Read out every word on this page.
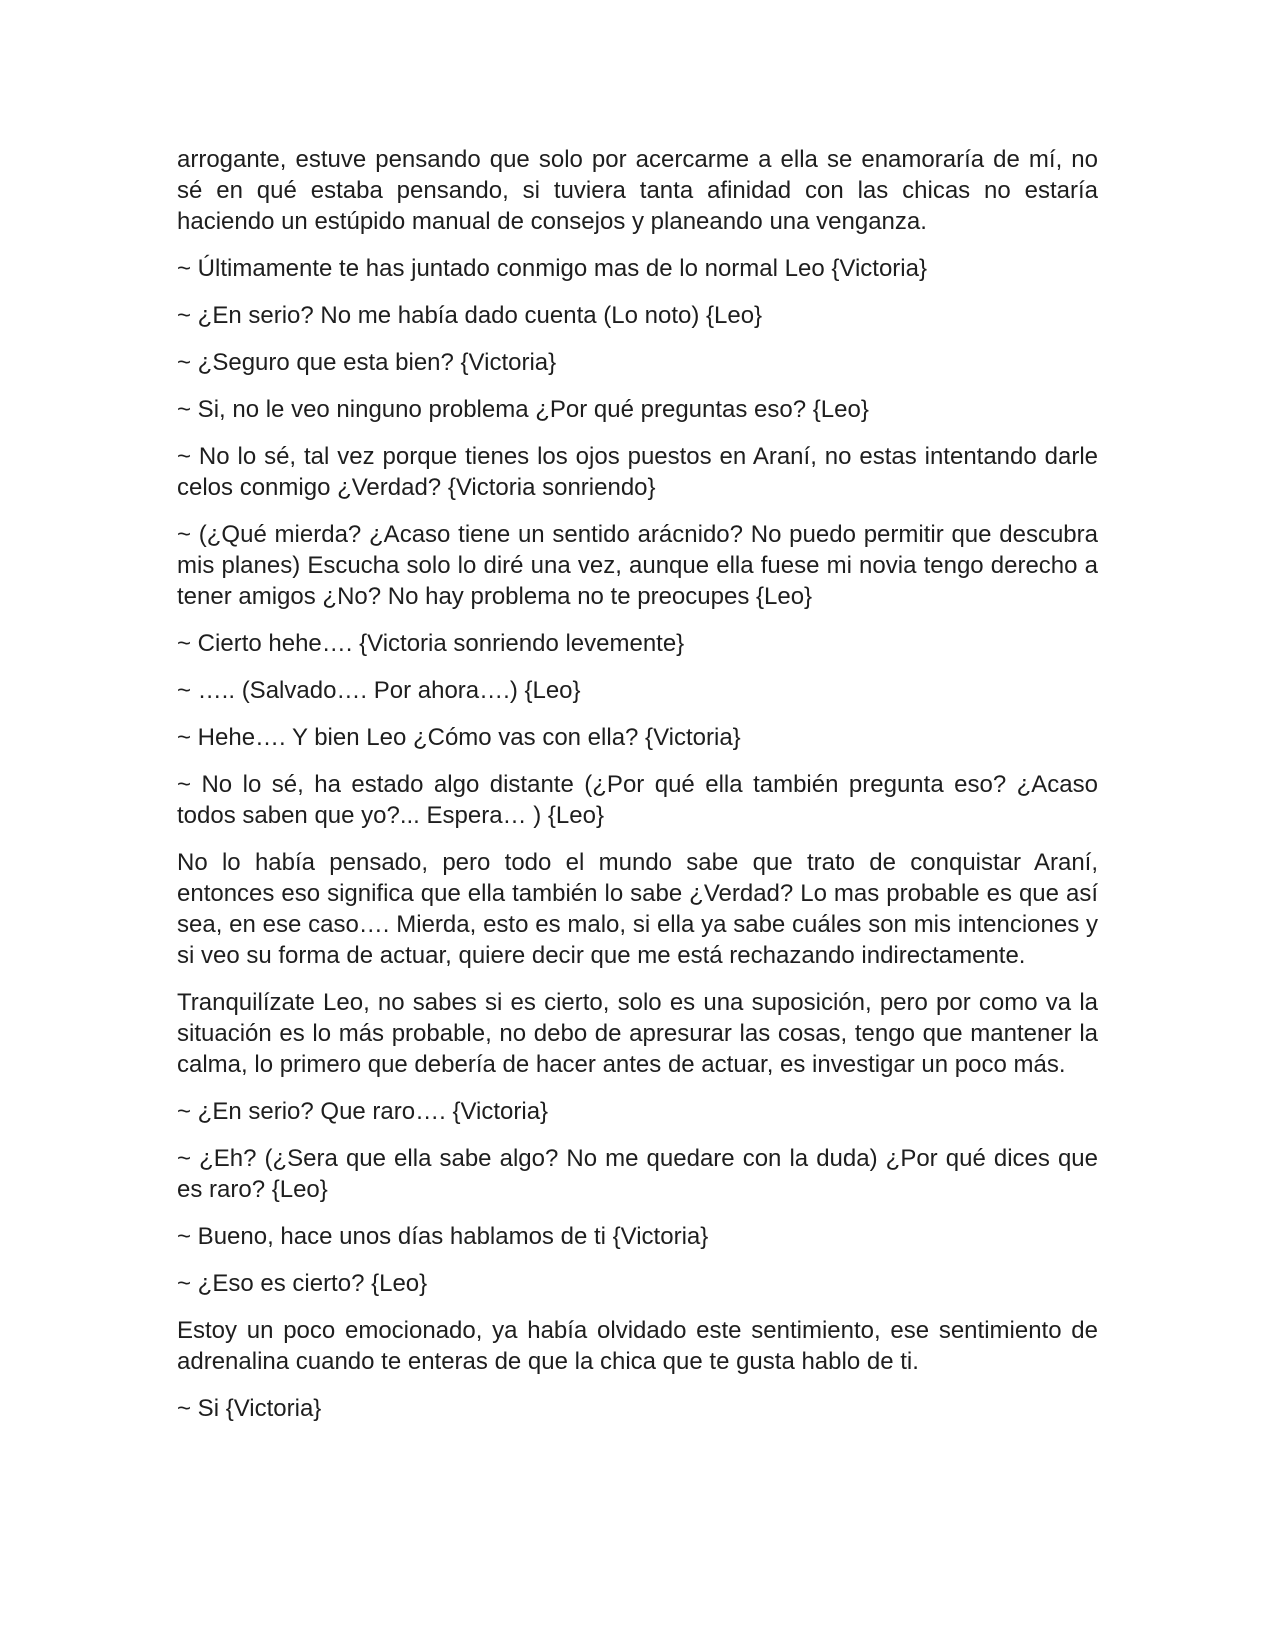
arrogante, estuve pensando que solo por acercarme a ella se enamoraría de mí, no sé en qué estaba pensando, si tuviera tanta afinidad con las chicas no estaría haciendo un estúpido manual de consejos y planeando una venganza.

~ Últimamente te has juntado conmigo mas de lo normal Leo {Victoria}

~ ¿En serio? No me había dado cuenta (Lo noto) {Leo}

~ ¿Seguro que esta bien? {Victoria}

~ Si, no le veo ninguno problema ¿Por qué preguntas eso? {Leo}

~ No lo sé, tal vez porque tienes los ojos puestos en Araní, no estas intentando darle celos conmigo ¿Verdad? {Victoria sonriendo}

~ (¿Qué mierda? ¿Acaso tiene un sentido arácnido? No puedo permitir que descubra mis planes) Escucha solo lo diré una vez, aunque ella fuese mi novia tengo derecho a tener amigos ¿No? No hay problema no te preocupes {Leo}

~ Cierto hehe…. {Victoria sonriendo levemente}

~ ….. (Salvado…. Por ahora….) {Leo}

~ Hehe…. Y bien Leo ¿Cómo vas con ella? {Victoria}

~ No lo sé, ha estado algo distante (¿Por qué ella también pregunta eso? ¿Acaso todos saben que yo?... Espera… ) {Leo}

No lo había pensado, pero todo el mundo sabe que trato de conquistar Araní, entonces eso significa que ella también lo sabe ¿Verdad? Lo mas probable es que así sea, en ese caso…. Mierda, esto es malo, si ella ya sabe cuáles son mis intenciones y si veo su forma de actuar, quiere decir que me está rechazando indirectamente.

Tranquilízate Leo, no sabes si es cierto, solo es una suposición, pero por como va la situación es lo más probable, no debo de apresurar las cosas, tengo que mantener la calma, lo primero que debería de hacer antes de actuar, es investigar un poco más.

~ ¿En serio? Que raro…. {Victoria}

~ ¿Eh? (¿Sera que ella sabe algo? No me quedare con la duda) ¿Por qué dices que es raro? {Leo}

~ Bueno, hace unos días hablamos de ti {Victoria}

~ ¿Eso es cierto? {Leo}

Estoy un poco emocionado, ya había olvidado este sentimiento, ese sentimiento de adrenalina cuando te enteras de que la chica que te gusta hablo de ti.

~ Si {Victoria}
